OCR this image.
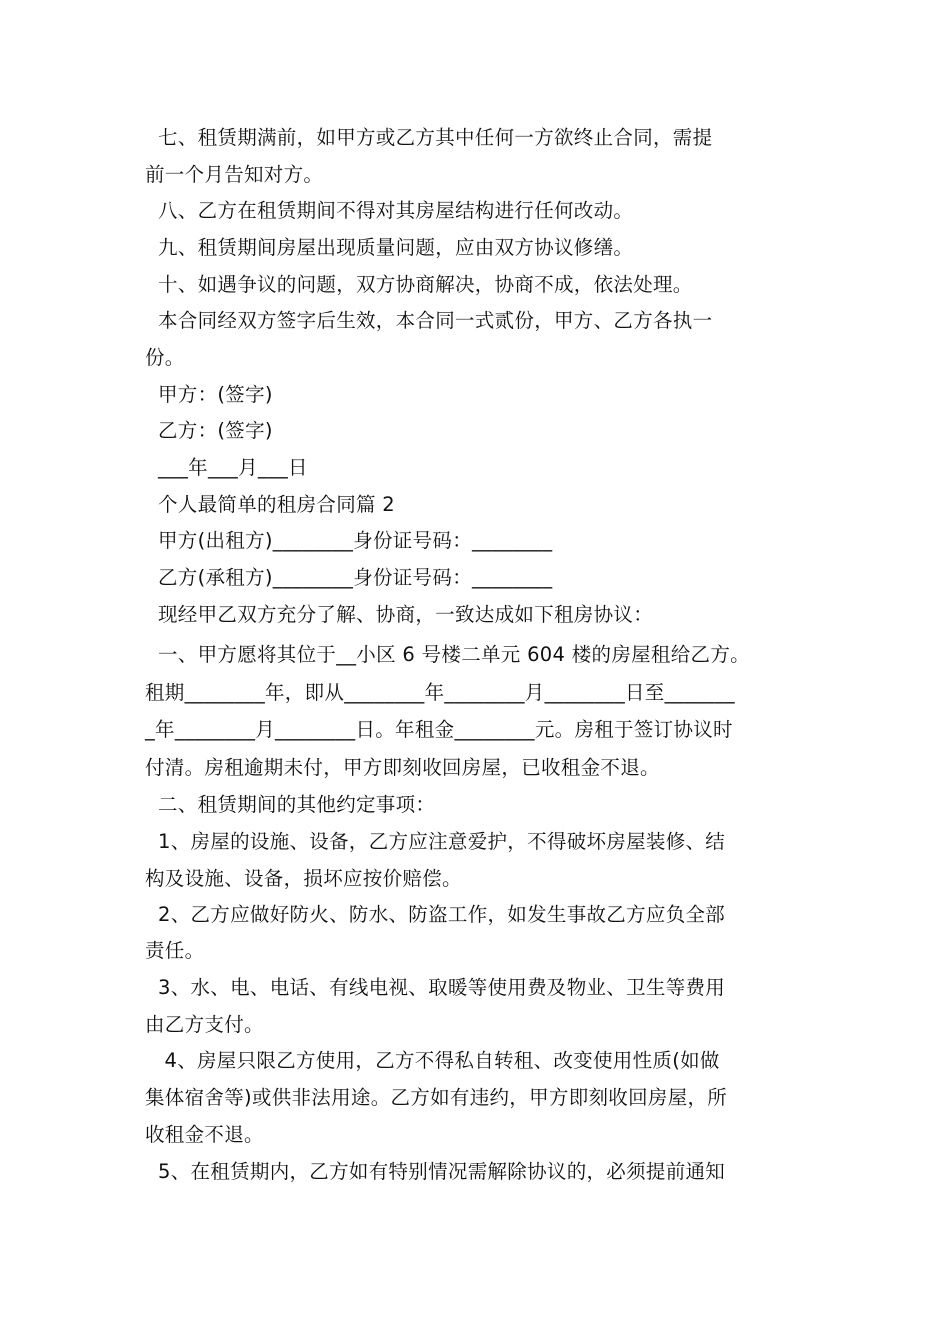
七、租赁期满前，如甲方或乙方其中任何一方欲终止合同，需提
前一个月告知对方。
八、乙方在租赁期间不得对其房屋结构进行任何改动。
九、租赁期间房屋出现质量问题，应由双方协议修缮。
十、如遇争议的问题，双方协商解决，协商不成，依法处理。
本合同经双方签字后生效，本合同一式贰份，甲方、乙方各执一
份。
甲方：(签字)
乙方：(签字)
___年___月___日
个人最简单的租房合同篇 2
甲方(出租方)________身份证号码：________
乙方(承租方)________身份证号码：________
现经甲乙双方充分了解、协商，一致达成如下租房协议：
一、甲方愿将其位于__小区 6 号楼二单元 604 楼的房屋租给乙方。
租期________年，即从________年________月________日至_______
_年________月________日。年租金________元。房租于签订协议时
付清。房租逾期未付，甲方即刻收回房屋，已收租金不退。
二、租赁期间的其他约定事项：
1、房屋的设施、设备，乙方应注意爱护，不得破坏房屋装修、结
构及设施、设备，损坏应按价赔偿。
2、乙方应做好防火、防水、防盗工作，如发生事故乙方应负全部
责任。
3、水、电、电话、有线电视、取暖等使用费及物业、卫生等费用
由乙方支付。
4、房屋只限乙方使用，乙方不得私自转租、改变使用性质(如做
集体宿舍等)或供非法用途。乙方如有违约，甲方即刻收回房屋，所
收租金不退。
5、在租赁期内，乙方如有特别情况需解除协议的，必须提前通知
